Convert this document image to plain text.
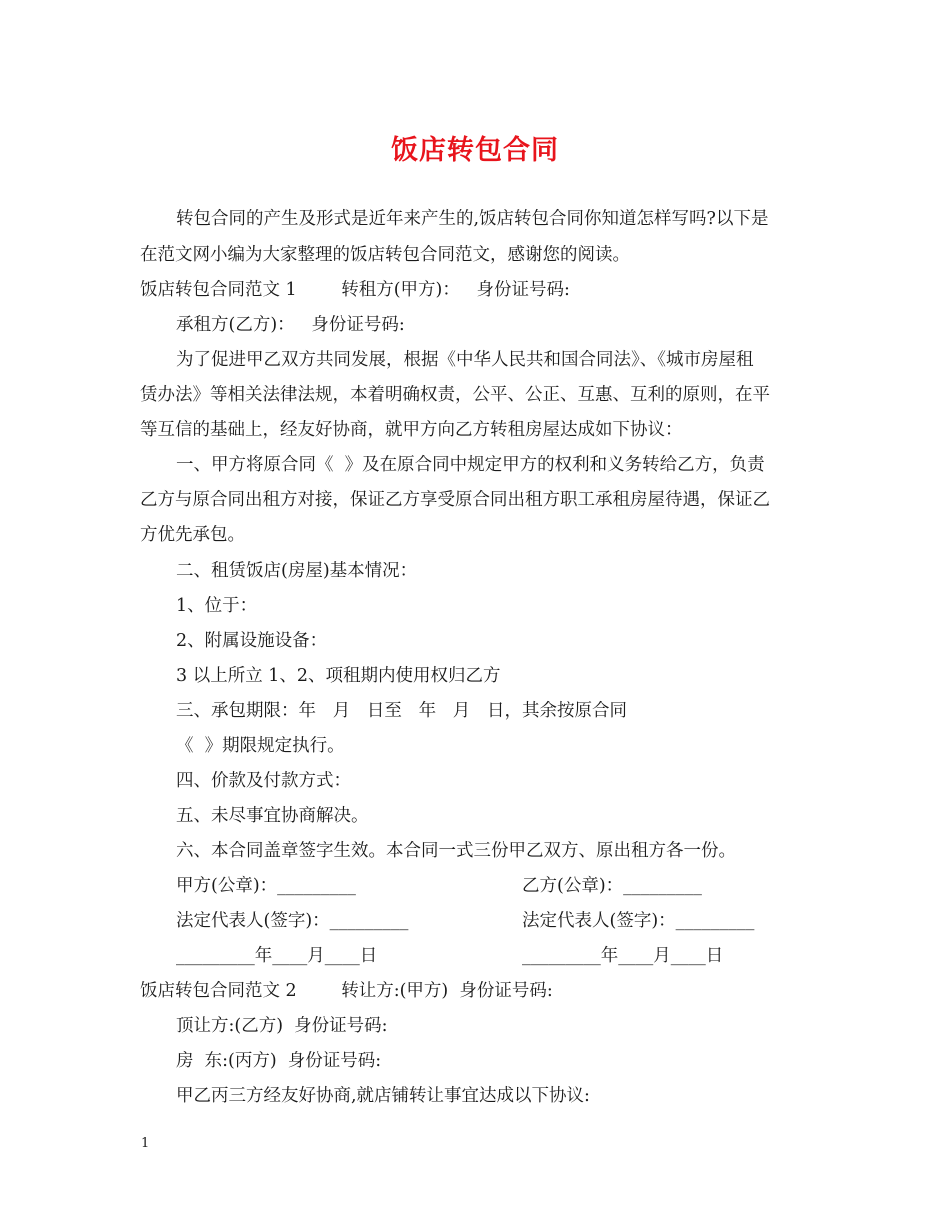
饭店转包合同
转包合同的产生及形式是近年来产生的,饭店转包合同你知道怎样写吗?以下是
在范文网小编为大家整理的饭店转包合同范文，感谢您的阅读。
饭店转包合同范文 1        转租方(甲方)：   身份证号码:
承租方(乙方)：   身份证号码:
为了促进甲乙双方共同发展，根据《中华人民共和国合同法》、《城市房屋租
赁办法》等相关法律法规，本着明确权责，公平、公正、互惠、互利的原则，在平
等互信的基础上，经友好协商，就甲方向乙方转租房屋达成如下协议：
一、甲方将原合同《  》及在原合同中规定甲方的权利和义务转给乙方，负责
乙方与原合同出租方对接，保证乙方享受原合同出租方职工承租房屋待遇，保证乙
方优先承包。
二、租赁饭店(房屋)基本情况：
1、位于：
2、附属设施设备：
3 以上所立 1、2、项租期内使用权归乙方
三、承包期限：年   月   日至   年   月   日，其余按原合同
《  》期限规定执行。
四、价款及付款方式：
五、未尽事宜协商解决。
六、本合同盖章签字生效。本合同一式三份甲乙双方、原出租方各一份。
甲方(公章)：_________	乙方(公章)：_________
法定代表人(签字)：_________	法定代表人(签字)：_________
_________年____月____日	_________年____月____日
饭店转包合同范文 2        转让方:(甲方)  身份证号码:
顶让方:(乙方)  身份证号码:
房  东:(丙方)  身份证号码:
甲乙丙三方经友好协商,就店铺转让事宜达成以下协议:
1
